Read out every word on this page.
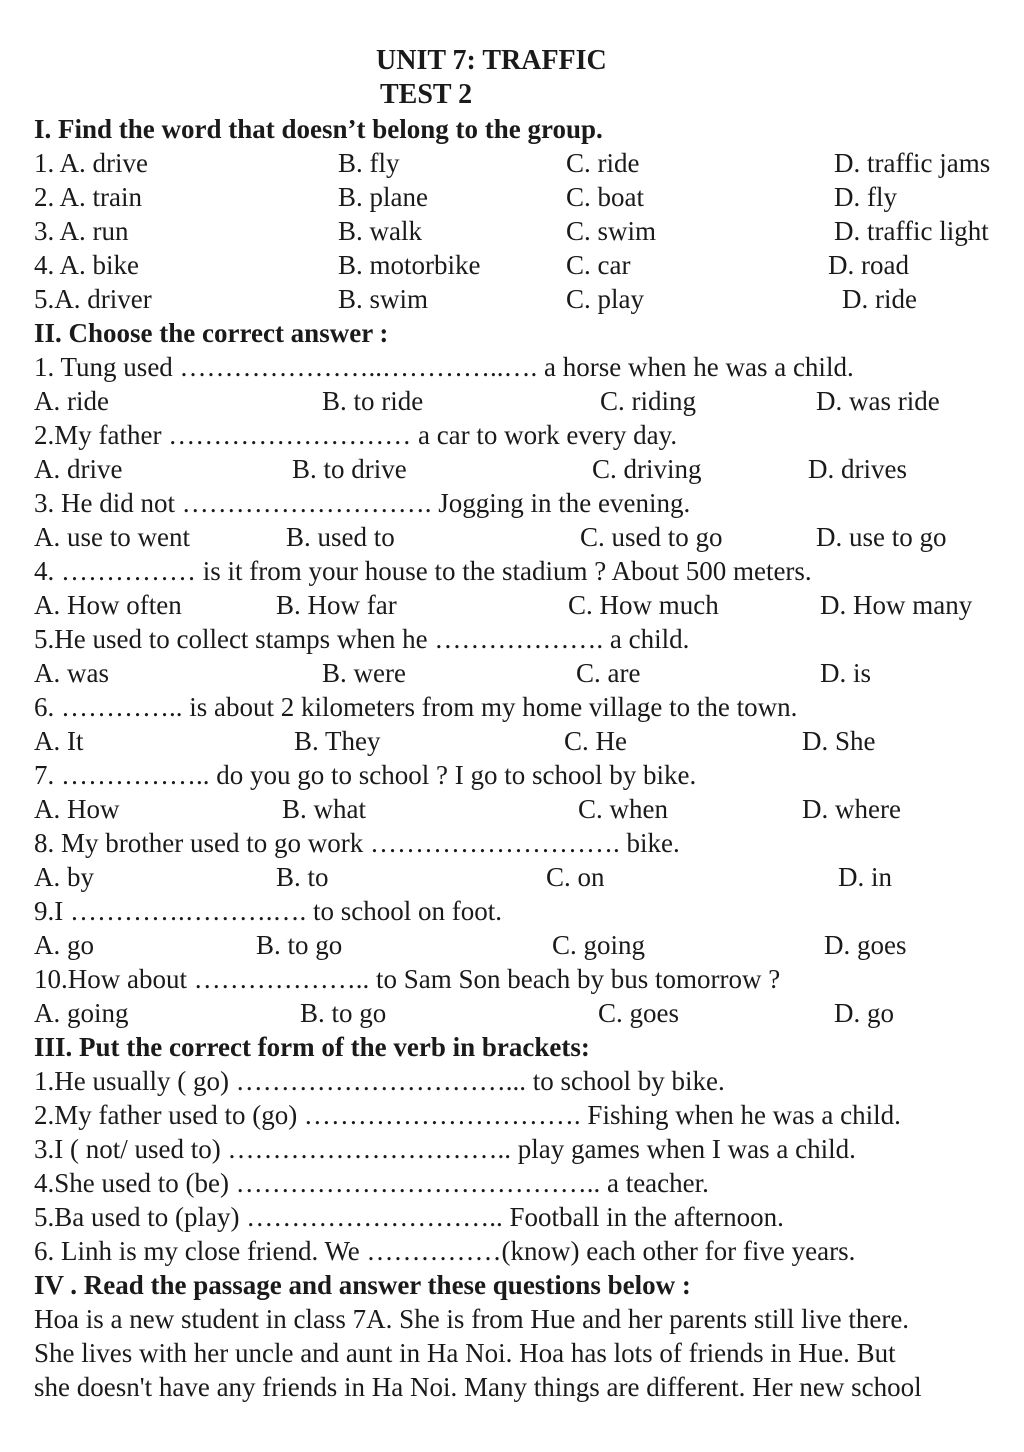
UNIT 7: TRAFFIC
TEST 2
I. Find the word that doesn’t belong to the group.
1. A. drive	B. fly	C. ride	D. traffic jams
2. A. train	B. plane	C. boat	D. fly
3. A. run	B. walk	C. swim	D. traffic light
4. A. bike	B. motorbike	C. car	D. road
5.A. driver	B. swim	C. play	D. ride
II. Choose the correct answer :
1. Tung used …………………..…………..…. a horse when he was a child.
A. ride	B. to ride	C. riding	D. was ride
2.My father ……………………… a car to work every day.
A. drive	B. to drive	C. driving	D. drives
3. He did not ………………………. Jogging in the evening.
A. use to went	B. used to	C. used to go	D. use to go
4. …………… is it from your house to the stadium ? About 500 meters.
A. How often	B. How far	C. How much	D. How many
5.He used to collect stamps when he ………………. a child.
A. was	B. were	C. are	D. is
6. ………….. is about 2 kilometers from my home village to the town.
A. It	B. They	C. He	D. She
7. …………….. do you go to school ? I go to school by bike.
A. How	B. what	C. when	D. where
8. My brother used to go work ………………………. bike.
A. by	B. to	C. on	D. in
9.I ………….……….…. to school on foot.
A. go	B. to go	C. going	D. goes
10.How about ……………….. to Sam Son beach by bus tomorrow ?
A. going	B. to go	C. goes	D. go
III. Put the correct form of the verb in brackets:
1.He usually ( go) …………………………... to school by bike.
2.My father used to (go) …………………………. Fishing when he was a child.
3.I ( not/ used to) ………………………….. play games when I was a child.
4.She used to (be) ………………………………….. a teacher.
5.Ba used to (play) ……………………….. Football in the afternoon.
6. Linh is my close friend. We ……………(know) each other for five years.
IV . Read the passage and answer these questions below :
Hoa is a new student in class 7A. She is from Hue and her parents still live there.
She lives with her uncle and aunt in Ha Noi. Hoa has lots of friends in Hue. But
she doesn't have any friends in Ha Noi. Many things are different. Her new school
